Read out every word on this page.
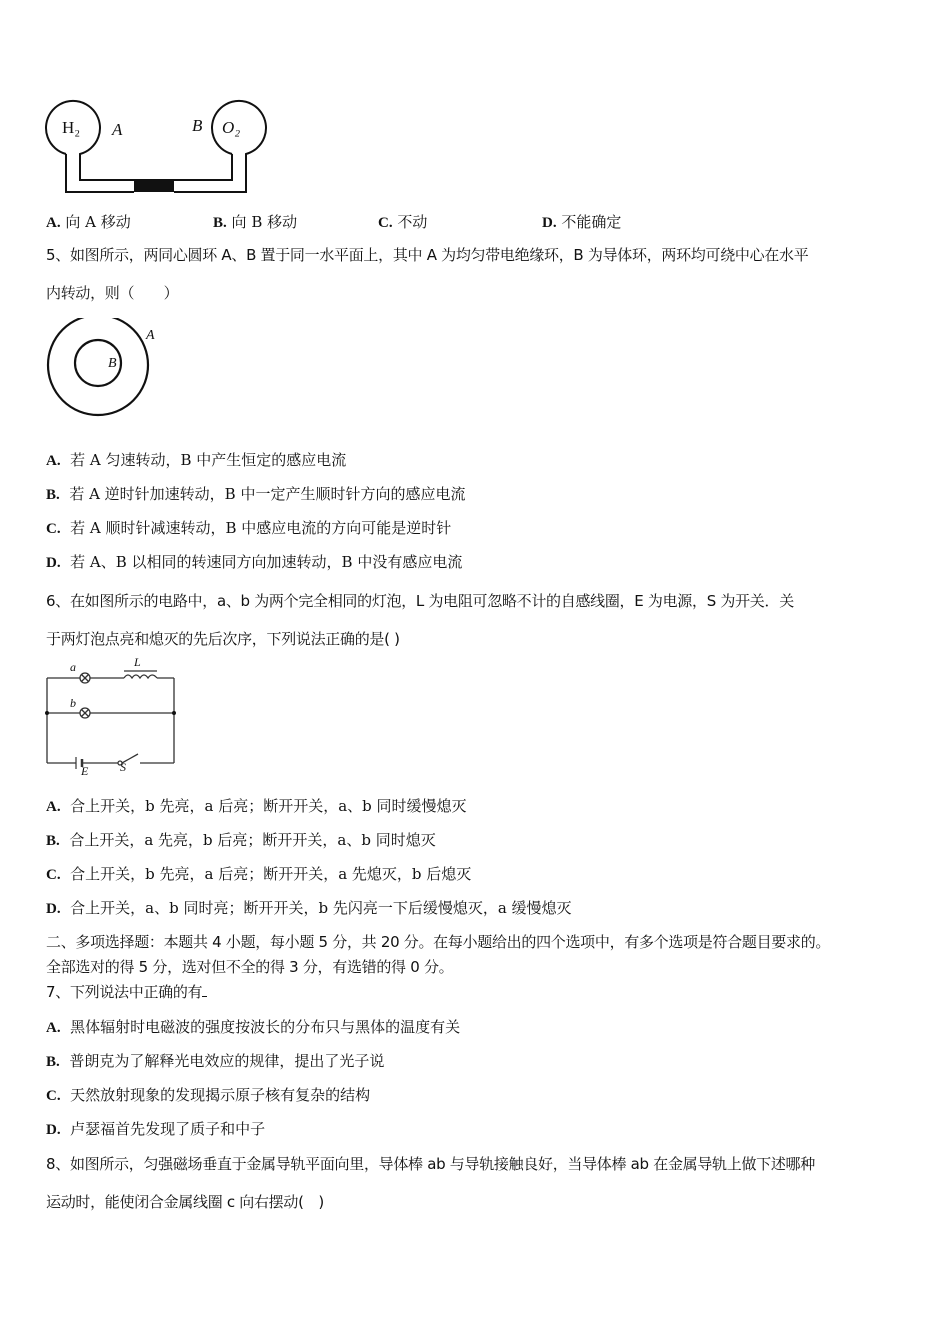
H₂ A	B O₂
A. 向 A 移动	B. 向 B 移动	C. 不动	D. 不能确定
5、如图所示，两同心圆环 A、B 置于同一水平面上，其中 A 为均匀带电绝缘环，B 为导体环，两环均可绕中心在水平
内转动，则（　　）
A
B
A. 若 A 匀速转动，B 中产生恒定的感应电流
B. 若 A 逆时针加速转动，B 中一定产生顺时针方向的感应电流
C. 若 A 顺时针减速转动，B 中感应电流的方向可能是逆时针
D. 若 A、B 以相同的转速同方向加速转动，B 中没有感应电流
6、在如图所示的电路中，a、b 为两个完全相同的灯泡，L 为电阻可忽略不计的自感线圈，E 为电源，S 为开关．关
于两灯泡点亮和熄灭的先后次序，下列说法正确的是( )
a	L
b
E	S
A. 合上开关，b 先亮，a 后亮；断开开关，a、b 同时缓慢熄灭
B. 合上开关，a 先亮，b 后亮；断开开关，a、b 同时熄灭
C. 合上开关，b 先亮，a 后亮；断开开关，a 先熄灭，b 后熄灭
D. 合上开关，a、b 同时亮；断开开关，b 先闪亮一下后缓慢熄灭，a 缓慢熄灭
二、多项选择题：本题共 4 小题，每小题 5 分，共 20 分。在每小题给出的四个选项中，有多个选项是符合题目要求的。
全部选对的得 5 分，选对但不全的得 3 分，有选错的得 0 分。
7、下列说法中正确的有
A. 黑体辐射时电磁波的强度按波长的分布只与黑体的温度有关
B. 普朗克为了解释光电效应的规律，提出了光子说
C. 天然放射现象的发现揭示原子核有复杂的结构
D. 卢瑟福首先发现了质子和中子
8、如图所示，匀强磁场垂直于金属导轨平面向里，导体棒 ab 与导轨接触良好，当导体棒 ab 在金属导轨上做下述哪种
运动时，能使闭合金属线圈 c 向右摆动(　)
